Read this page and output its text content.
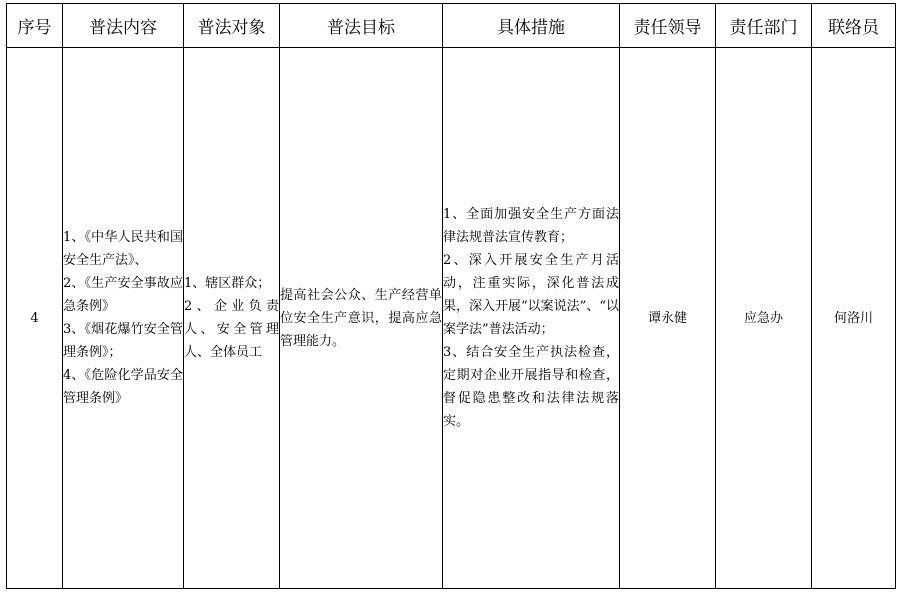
序号	普法内容	普法对象	普法目标	具体措施	责任领导	责任部门	联络员
4	1、《中华人民共和国安全生产法》、
2、《生产安全事故应急条例》
3、《烟花爆竹安全管理条例》；
4、《危险化学品安全管理条例》	1、辖区群众；
2、企业负责人、安全管理人、全体员工	提高社会公众、生产经营单位安全生产意识，提高应急管理能力。	1、全面加强安全生产方面法律法规普法宣传教育；
2、深入开展安全生产月活动，注重实际，深化普法成果，深入开展“以案说法”、“以案学法”普法活动；
3、结合安全生产执法检查，定期对企业开展指导和检查，督促隐患整改和法律法规落实。	谭永健	应急办	何洛川
